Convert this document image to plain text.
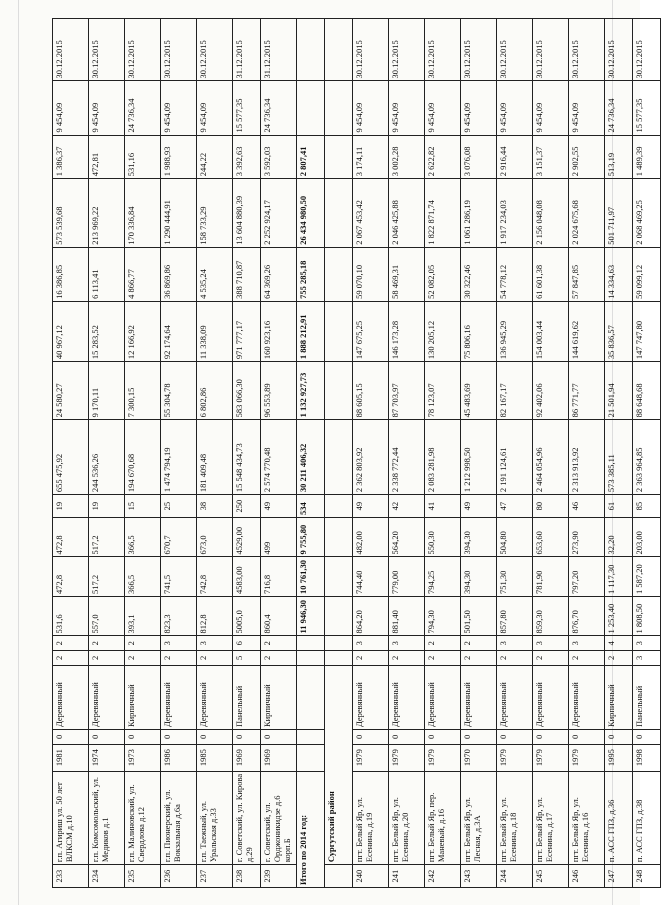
233	г.п. Агириш ул. 50 лет ВЛКСМ д.10	1981	0	Деревянный	2	2	531,6	472,8	472,8	19	655 475,92	24 580,27	40 967,12	16 386,85	573 539,68	1 386,37	9 454,09	30.12.2015
234	г.п. Комсомольский, ул. Медиков д.1	1974	0	Деревянный	2	2	557,0	517,2	517,2	19	244 536,26	9 170,11	15 283,52	6 113,41	213 969,22	472,81	9 454,09	30.12.2015
235	г.п. Малиновский, ул. Свердлова д.12	1973	0	Кирпичный	2	2	393,1	366,5	366,5	15	194 670,68	7 300,15	12 166,92	4 866,77	170 336,84	531,16	24 736,34	30.12.2015
236	г.п. Пионерский, ул. Вокзальная д.6а	1986	0	Деревянный	2	3	823,3	741,5	670,7	25	1 474 794,19	55 304,78	92 174,64	36 869,86	1 290 444,91	1 988,93	9 454,09	30.12.2015
237	г.п. Таежный, ул. Уральская д.33	1985	0	Деревянный	2	3	812,8	742,8	673,0	38	181 409,48	6 802,86	11 338,09	4 535,24	158 733,29	244,22	9 454,09	30.12.2015
238	г. Советский, ул. Кирова д.29	1969	0	Панельный	5	6	5005,0	4583,00	4529,00	250	15 548 434,73	583 066,30	971 777,17	388 710,87	13 604 880,39	3 392,63	15 577,35	31.12.2015
239	г. Советский, ул. Орджоникидзе д.6 корп.Б	1969	0	Кирпичный	2	2	860,4	716,8	499	49	2 574 770,48	96 553,89	160 923,16	64 369,26	2 252 924,17	3 592,03	24 736,34	31.12.2015
Итого по 2014 год:							11 946,30	10 761,30	9 755,80	534	30 211 406,32	1 132 927,73	1 888 212,91	755 285,18	26 434 980,50	2 807,41		
	Сургутский район																	
240	пгт. Белый Яр, ул. Есенина, д.19	1979	0	Деревянный	2	3	864,20	744,40	482,00	49	2 362 803,92	88 605,15	147 675,25	59 070,10	2 067 453,42	3 174,11	9 454,09	30.12.2015
241	пгт. Белый Яр, ул. Есенина, д.20	1979	0	Деревянный	2	3	881,40	779,00	564,20	42	2 338 772,44	87 703,97	146 173,28	58 469,31	2 046 425,88	3 002,28	9 454,09	30.12.2015
242	пгт. Белый Яр, пер. Маневый, д.16	1979	0	Деревянный	2	2	794,30	794,25	550,30	41	2 083 281,98	78 123,07	130 205,12	52 082,05	1 822 871,74	2 622,82	9 454,09	30.12.2015
243	пгт. Белый Яр, ул. Лесная, д.3А	1970	0	Деревянный	2	2	501,50	394,30	394,30	49	1 212 998,50	45 483,69	75 806,16	30 322,46	1 061 286,19	3 076,08	9 454,09	30.12.2015
244	пгт. Белый Яр, ул. Есенина, д.18	1979	0	Деревянный	2	3	857,80	751,30	504,80	47	2 191 124,61	82 167,17	136 945,29	54 778,12	1 917 234,03	2 916,44	9 454,09	30.12.2015
245	пгт. Белый Яр, ул. Есенина, д.17	1979	0	Деревянный	2	3	859,30	781,90	653,60	80	2 464 054,96	92 402,06	154 003,44	61 601,38	2 156 048,08	3 151,37	9 454,09	30.12.2015
246	пгт. Белый Яр, ул. Есенина, д.16	1979	0	Деревянный	2	3	876,70	797,20	273,90	46	2 313 913,92	86 771,77	144 619,62	57 847,85	2 024 675,68	2 902,55	9 454,09	30.12.2015
247	п. АСС ГПЗ, д.36	1995	0	Кирпичный	2	4	1 253,40	1 117,30	32,20	61	573 385,11	21 501,94	35 836,57	14 334,63	501 711,97	513,19	24 736,34	30.12.2015
248	п. АСС ГПЗ, д.38	1998	0	Панельный	3	3	1 808,50	1 587,20	203,00	85	2 363 964,85	88 648,68	147 747,80	59 099,12	2 068 469,25	1 489,39	15 577,35	30.12.2015
